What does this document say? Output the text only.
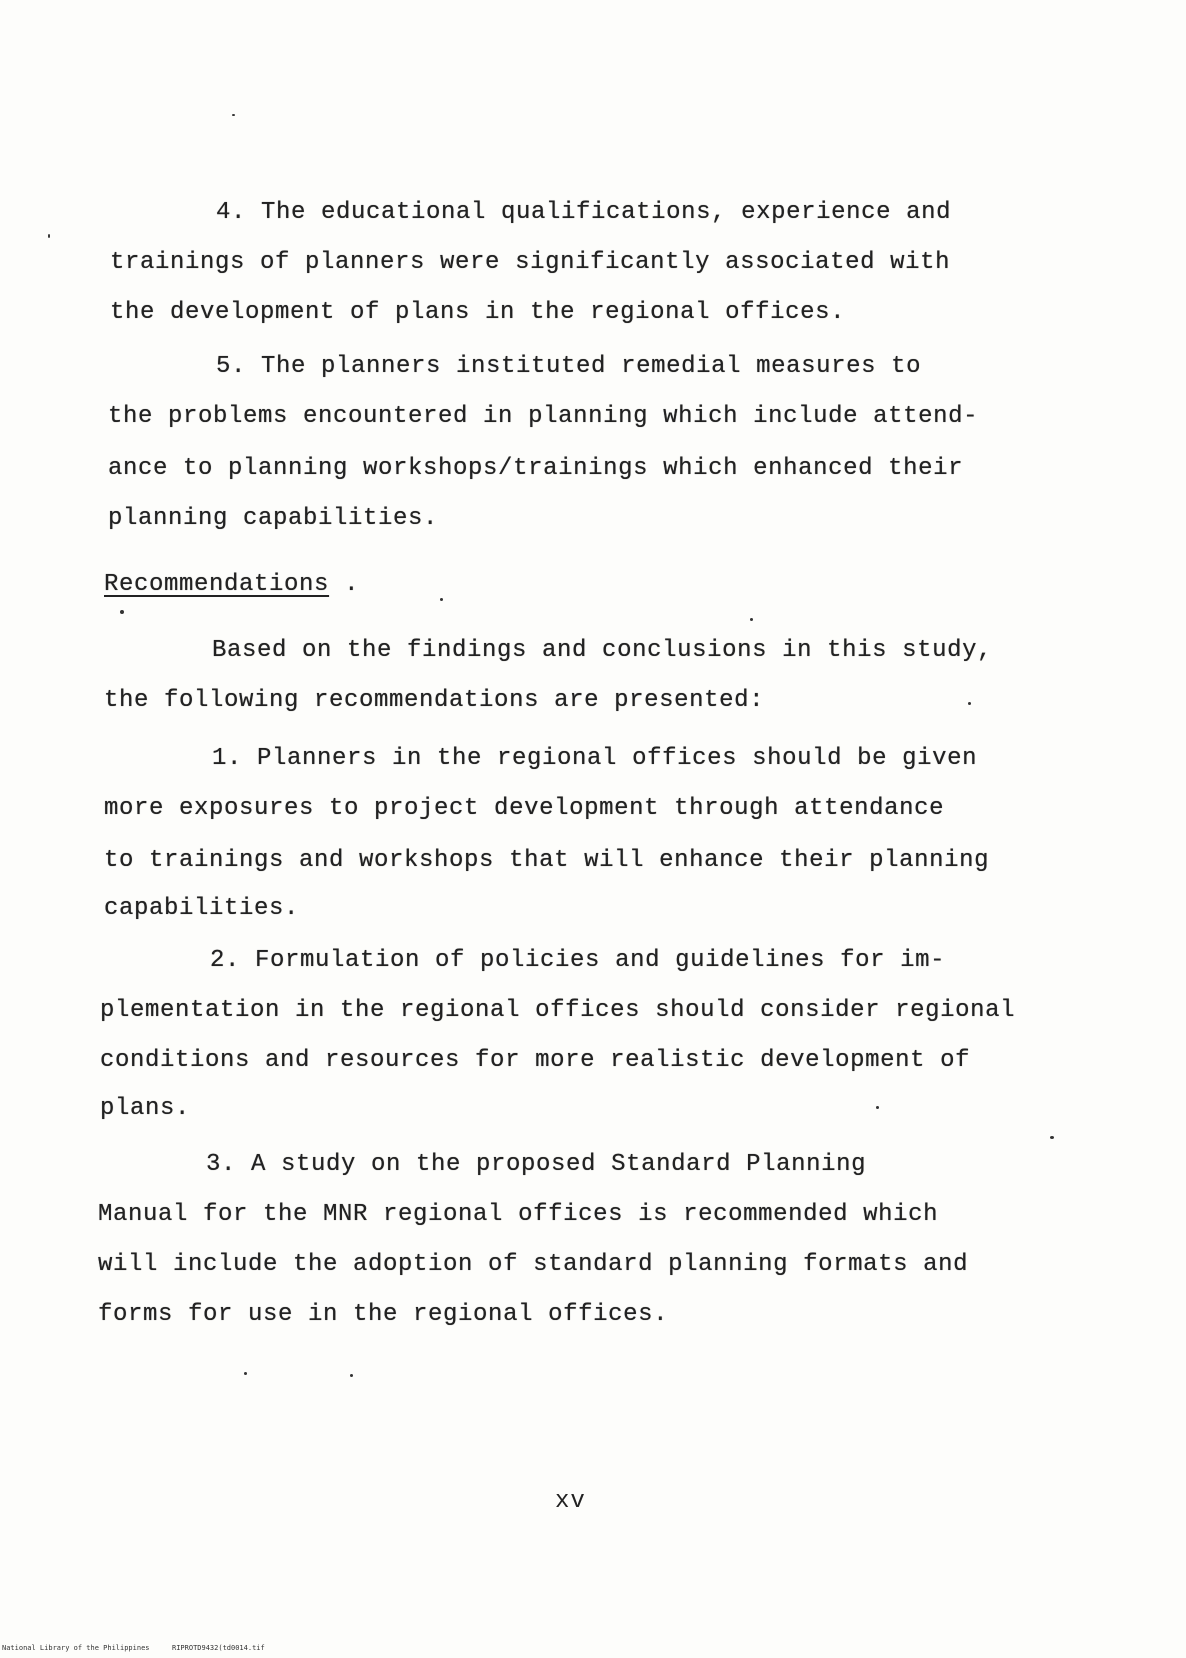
4. The educational qualifications, experience and
trainings of planners were significantly associated with
the development of plans in the regional offices.
5. The planners instituted remedial measures to
the problems encountered in planning which include attend-
ance to planning workshops/trainings which enhanced their
planning capabilities.
Recommendations .
Based on the findings and conclusions in this study,
the following recommendations are presented:
1. Planners in the regional offices should be given
more exposures to project development through attendance
to trainings and workshops that will enhance their planning
capabilities.
2. Formulation of policies and guidelines for im-
plementation in the regional offices should consider regional
conditions and resources for more realistic development of
plans.
3. A study on the proposed Standard Planning
Manual for the MNR regional offices is recommended which
will include the adoption of standard planning formats and
forms for use in the regional offices.
xv
National Library of the Philippines	RIPROTD9432(td0014.tif
